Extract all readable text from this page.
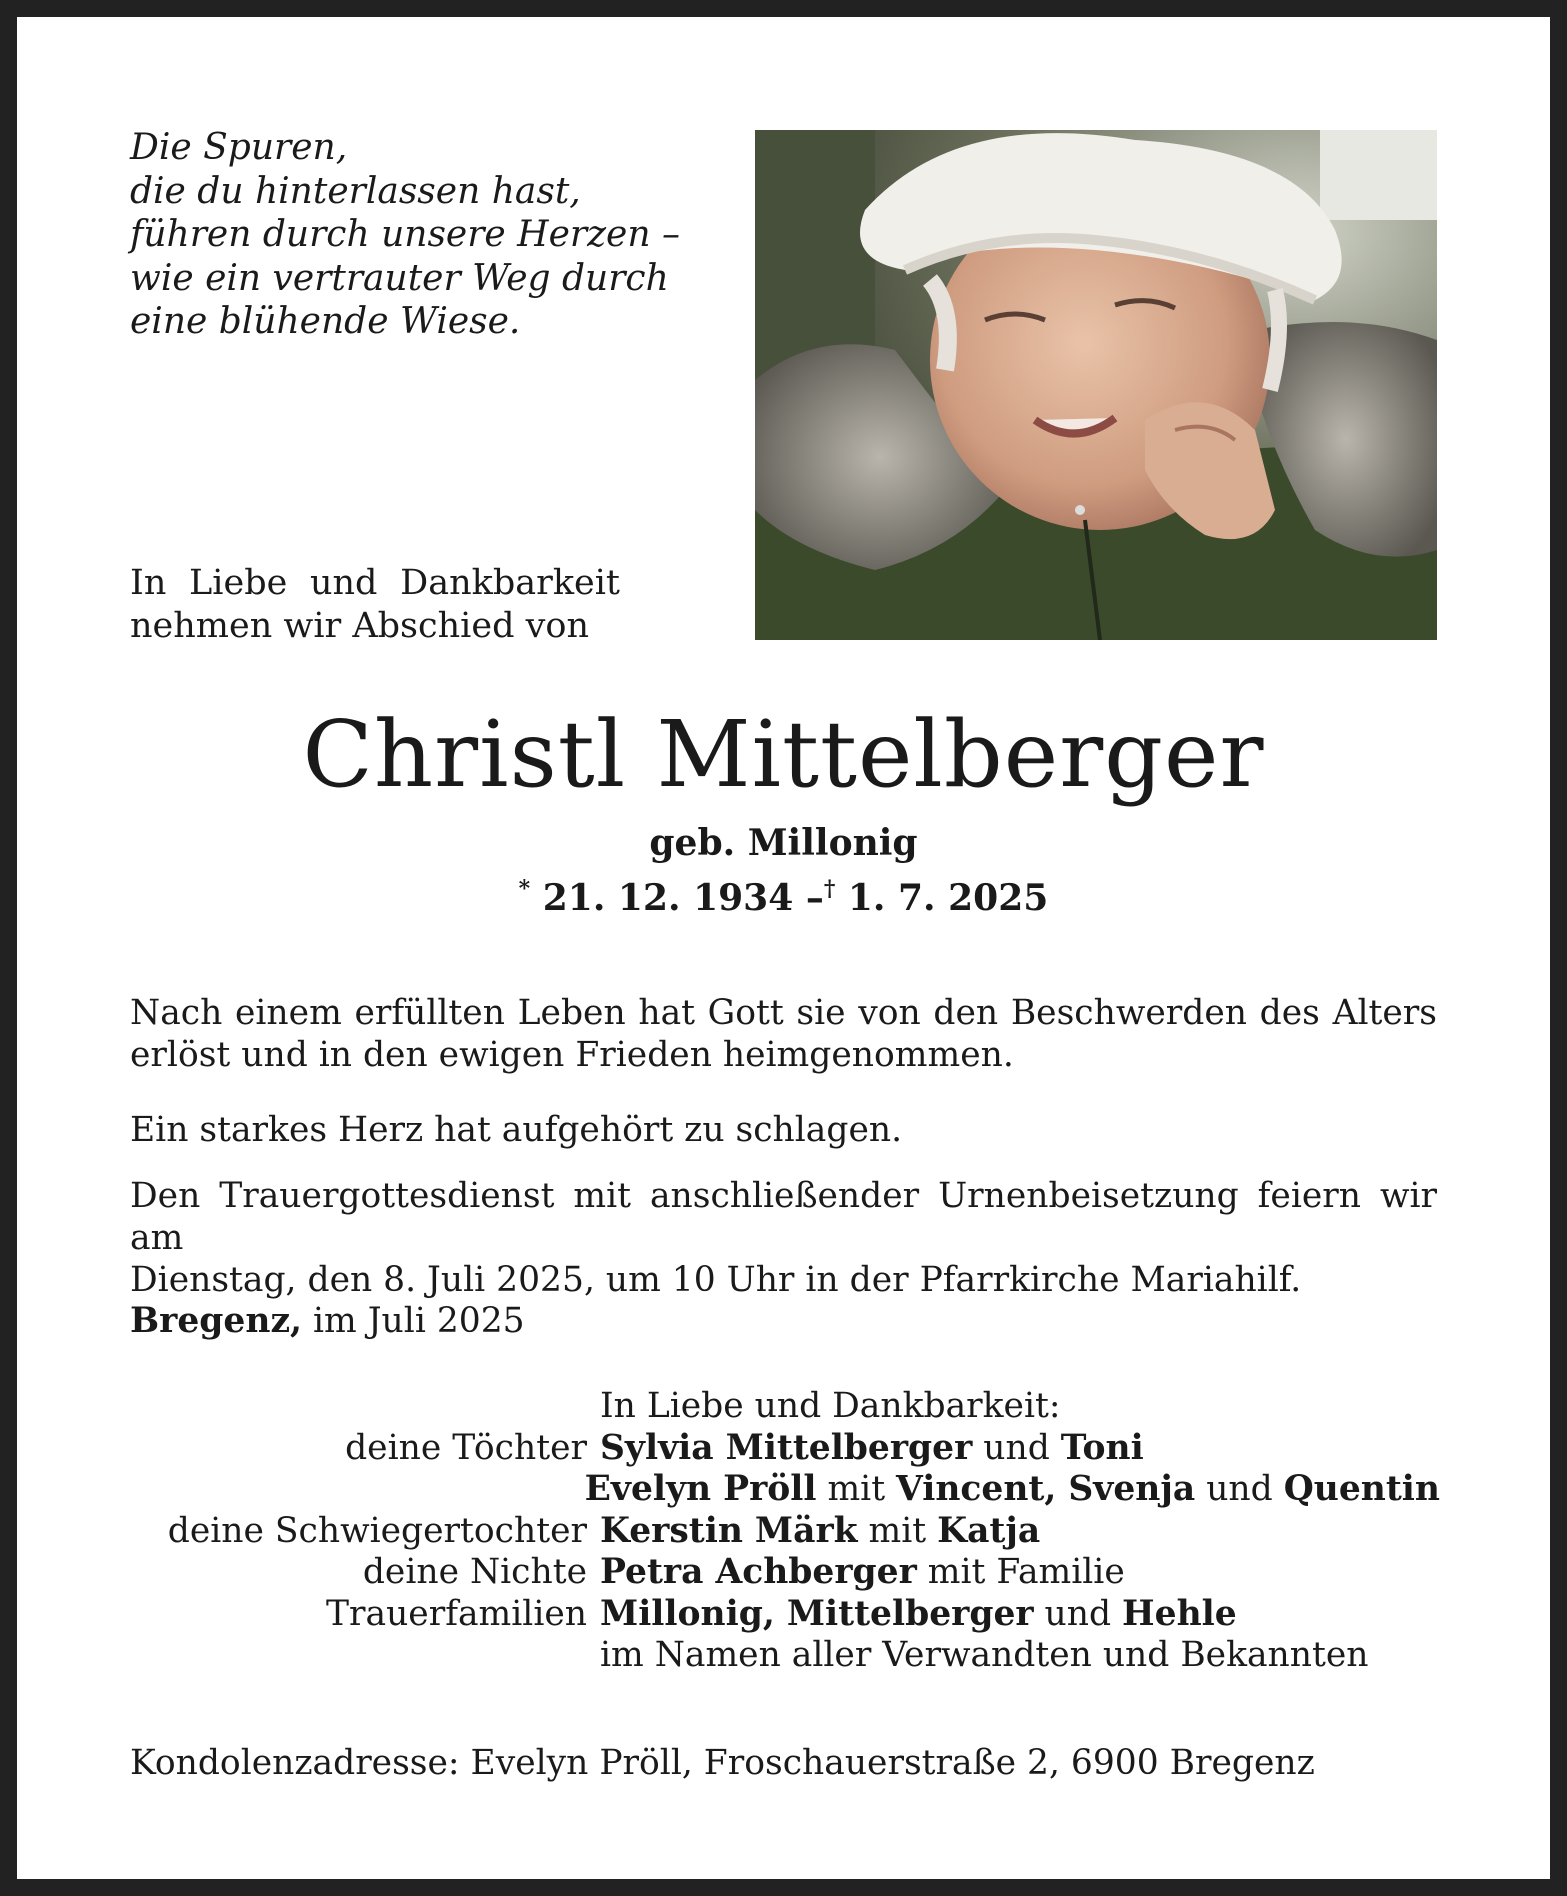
Die Spuren,
die du hinterlassen hast,
führen durch unsere Herzen –
wie ein vertrauter Weg durch
eine blühende Wiese.
In Liebe und Dankbarkeit
nehmen wir Abschied von
Christl Mittelberger
geb. Millonig
* 21. 12. 1934 –† 1. 7. 2025
Nach einem erfüllten Leben hat Gott sie von den Beschwerden des Alters
erlöst und in den ewigen Frieden heimgenommen.
Ein starkes Herz hat aufgehört zu schlagen.
Den Trauergottesdienst mit anschließender Urnenbeisetzung feiern wir am
Dienstag, den 8. Juli 2025, um 10 Uhr in der Pfarrkirche Mariahilf.
Bregenz, im Juli 2025
In Liebe und Dankbarkeit:
deine Töchter Sylvia Mittelberger und Toni
Evelyn Pröll mit Vincent, Svenja und Quentin
deine Schwiegertochter Kerstin Märk mit Katja
deine Nichte Petra Achberger mit Familie
Trauerfamilien Millonig, Mittelberger und Hehle
im Namen aller Verwandten und Bekannten
Kondolenzadresse: Evelyn Pröll, Froschauerstraße 2, 6900 Bregenz
